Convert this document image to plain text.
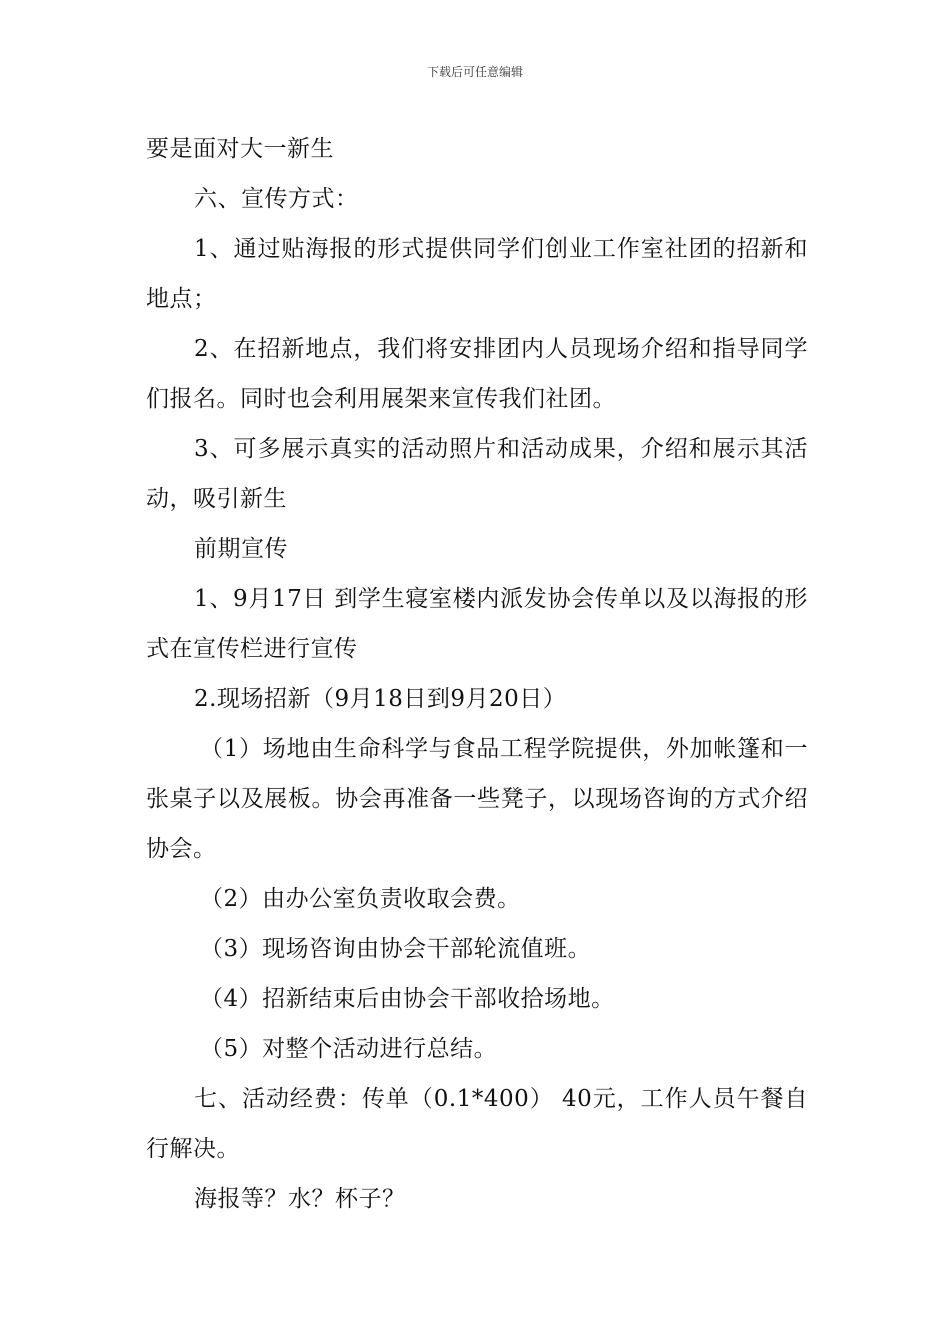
下载后可任意编辑

要是面对大一新生

六、宣传方式：

1、通过贴海报的形式提供同学们创业工作室社团的招新和地点；

2、在招新地点，我们将安排团内人员现场介绍和指导同学们报名。同时也会利用展架来宣传我们社团。

3、可多展示真实的活动照片和活动成果，介绍和展示其活动，吸引新生

前期宣传

1、9月17日 到学生寝室楼内派发协会传单以及以海报的形式在宣传栏进行宣传

2.现场招新（9月18日到9月20日）

（1）场地由生命科学与食品工程学院提供，外加帐篷和一张桌子以及展板。协会再准备一些凳子，以现场咨询的方式介绍协会。

（2）由办公室负责收取会费。

（3）现场咨询由协会干部轮流值班。

（4）招新结束后由协会干部收拾场地。

（5）对整个活动进行总结。

七、活动经费：传单（0.1*400） 40元，工作人员午餐自行解决。

海报等？水？杯子？
